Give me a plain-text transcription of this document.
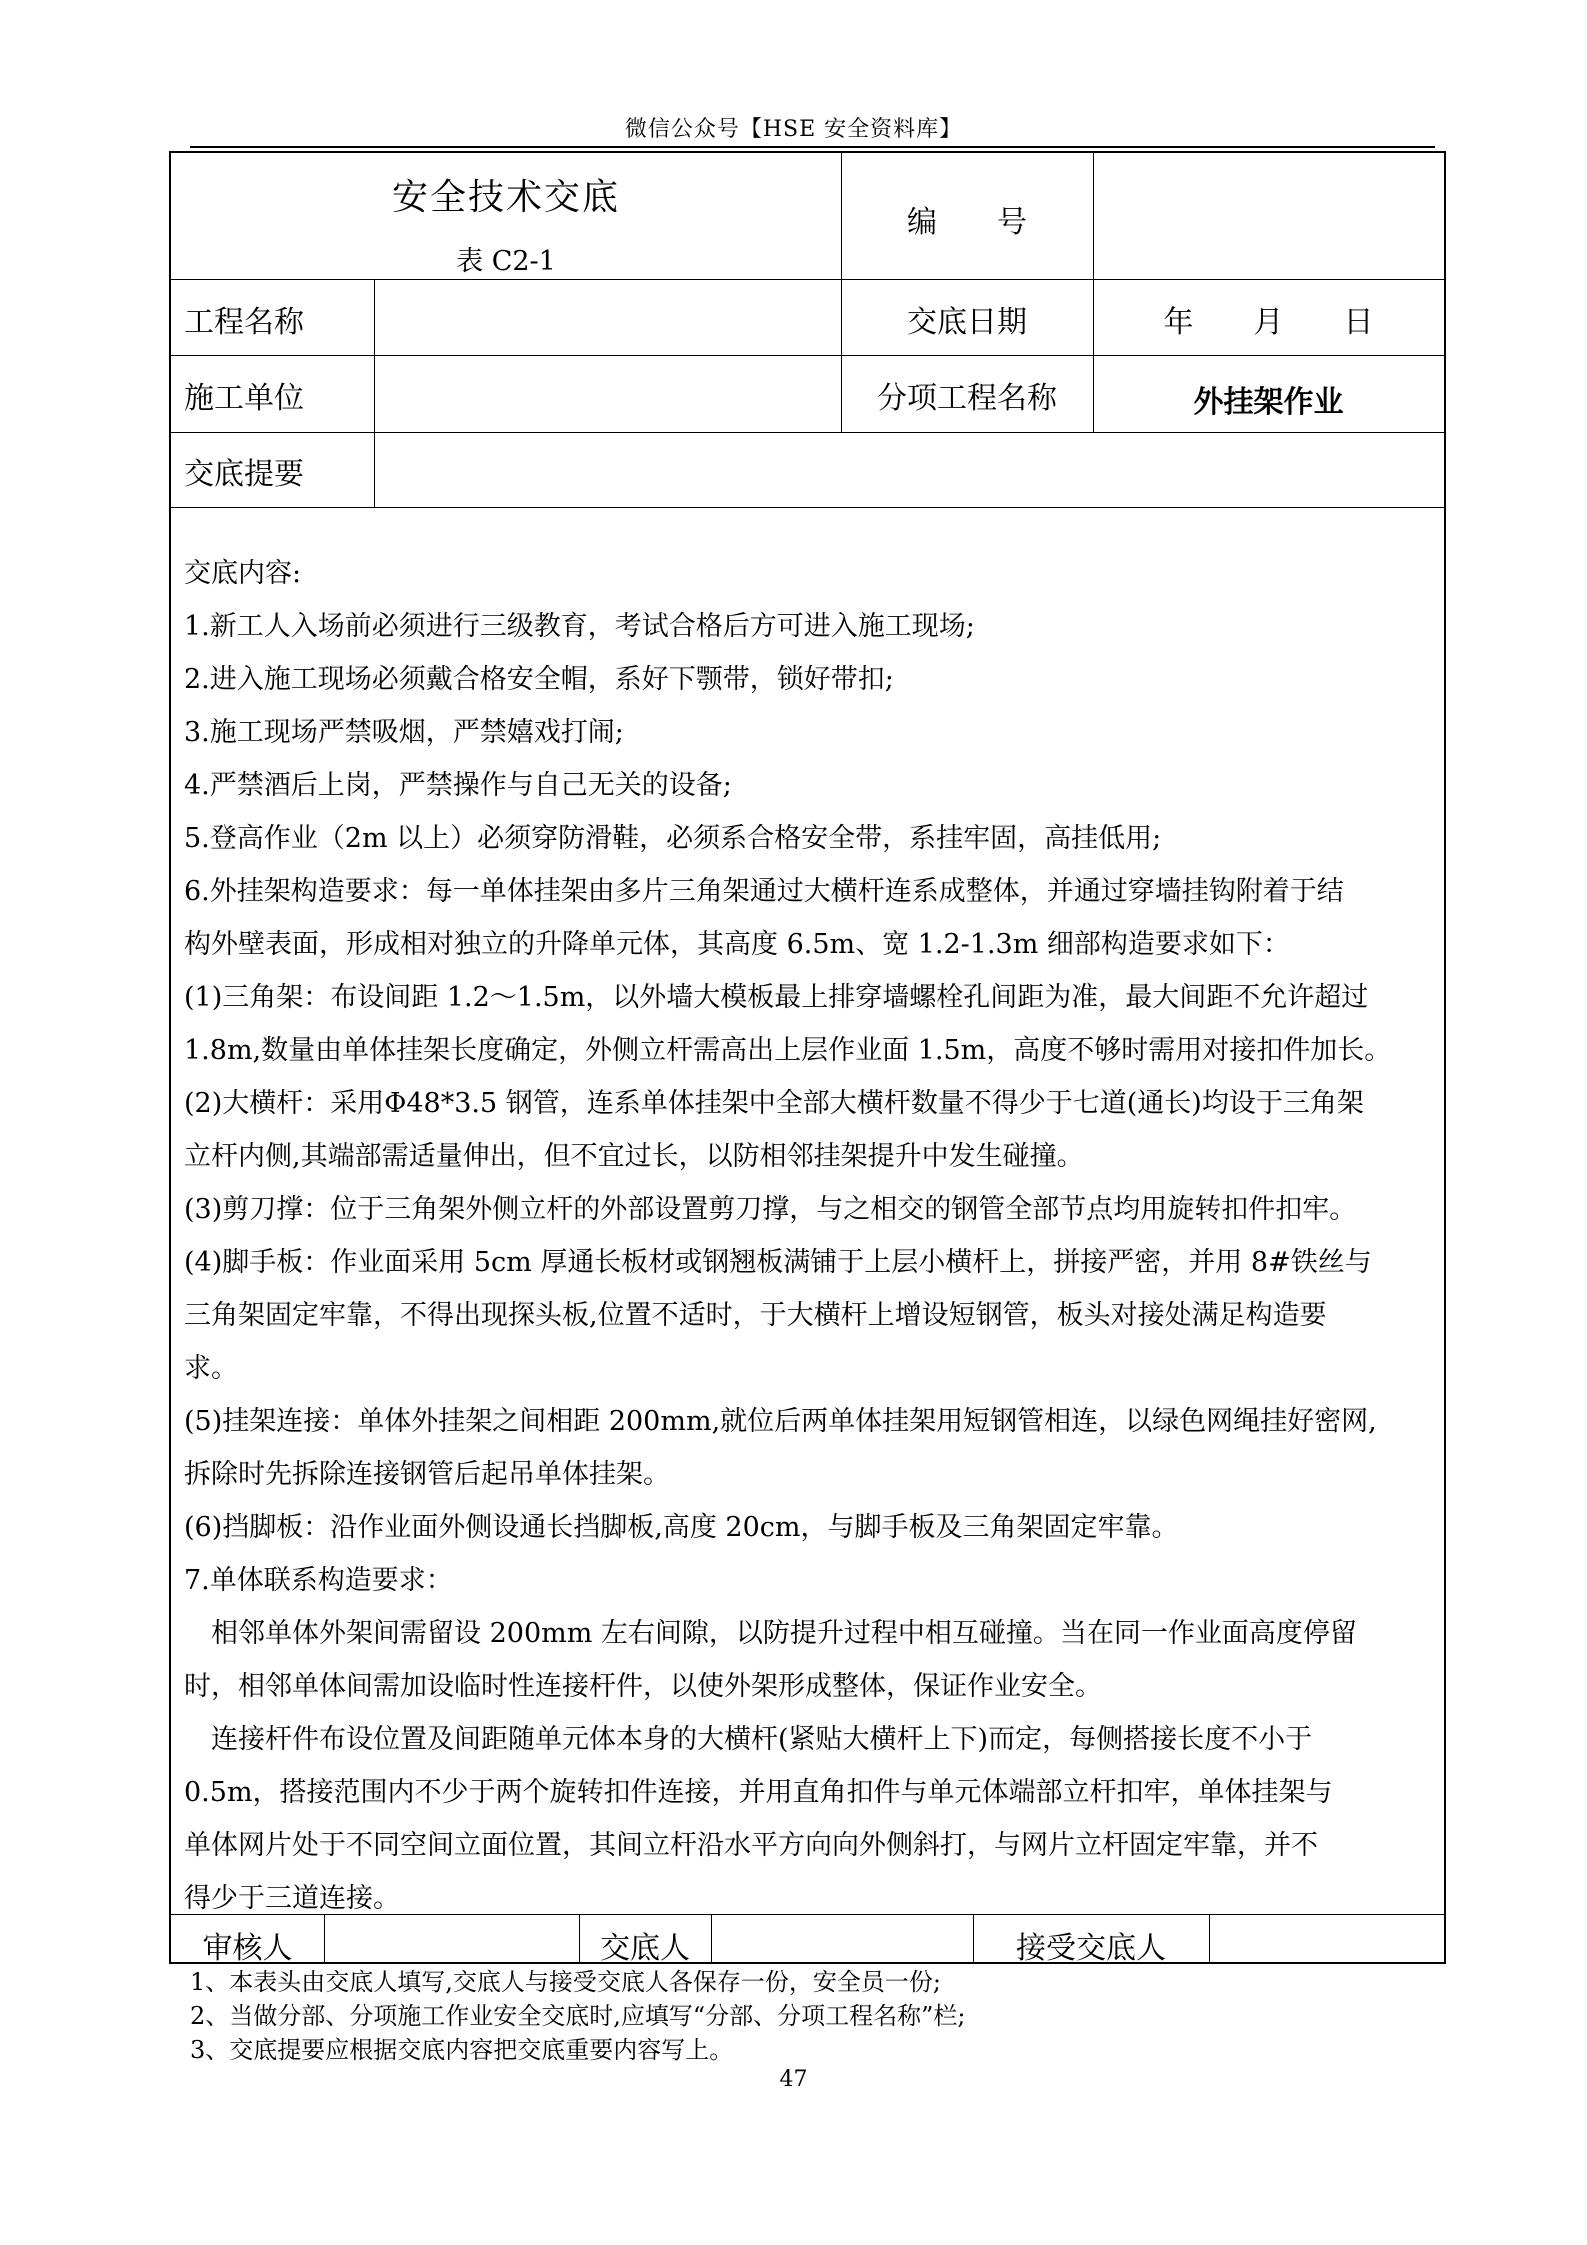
微信公众号【HSE 安全资料库】
安全技术交底
表 C2-1
编　　号
工程名称	交底日期	年　　月　　日
施工单位	分项工程名称	外挂架作业
交底提要
交底内容:
1.新工人入场前必须进行三级教育，考试合格后方可进入施工现场;
2.进入施工现场必须戴合格安全帽，系好下颚带，锁好带扣;
3.施工现场严禁吸烟，严禁嬉戏打闹;
4.严禁酒后上岗，严禁操作与自己无关的设备;
5.登高作业（2m 以上）必须穿防滑鞋，必须系合格安全带，系挂牢固，高挂低用;
6.外挂架构造要求：每一单体挂架由多片三角架通过大横杆连系成整体，并通过穿墙挂钩附着于结
构外壁表面，形成相对独立的升降单元体，其高度 6.5m、宽 1.2-1.3m 细部构造要求如下：
(1)三角架：布设间距 1.2～1.5m，以外墙大模板最上排穿墙螺栓孔间距为准，最大间距不允许超过
1.8m,数量由单体挂架长度确定，外侧立杆需高出上层作业面 1.5m，高度不够时需用对接扣件加长。
(2)大横杆：采用Φ48*3.5 钢管，连系单体挂架中全部大横杆数量不得少于七道(通长)均设于三角架
立杆内侧,其端部需适量伸出，但不宜过长，以防相邻挂架提升中发生碰撞。
(3)剪刀撑：位于三角架外侧立杆的外部设置剪刀撑，与之相交的钢管全部节点均用旋转扣件扣牢。
(4)脚手板：作业面采用 5cm 厚通长板材或钢翘板满铺于上层小横杆上，拼接严密，并用 8#铁丝与
三角架固定牢靠，不得出现探头板,位置不适时，于大横杆上增设短钢管，板头对接处满足构造要
求。
(5)挂架连接：单体外挂架之间相距 200mm,就位后两单体挂架用短钢管相连，以绿色网绳挂好密网,
拆除时先拆除连接钢管后起吊单体挂架。
(6)挡脚板：沿作业面外侧设通长挡脚板,高度 20cm，与脚手板及三角架固定牢靠。
7.单体联系构造要求：
　相邻单体外架间需留设 200mm 左右间隙，以防提升过程中相互碰撞。当在同一作业面高度停留
时，相邻单体间需加设临时性连接杆件，以使外架形成整体，保证作业安全。
　连接杆件布设位置及间距随单元体本身的大横杆(紧贴大横杆上下)而定，每侧搭接长度不小于
0.5m，搭接范围内不少于两个旋转扣件连接，并用直角扣件与单元体端部立杆扣牢，单体挂架与
单体网片处于不同空间立面位置，其间立杆沿水平方向向外侧斜打，与网片立杆固定牢靠，并不
得少于三道连接。
审核人	交底人	接受交底人
1、本表头由交底人填写,交底人与接受交底人各保存一份，安全员一份;
2、当做分部、分项施工作业安全交底时,应填写“分部、分项工程名称”栏;
3、交底提要应根据交底内容把交底重要内容写上。
47
